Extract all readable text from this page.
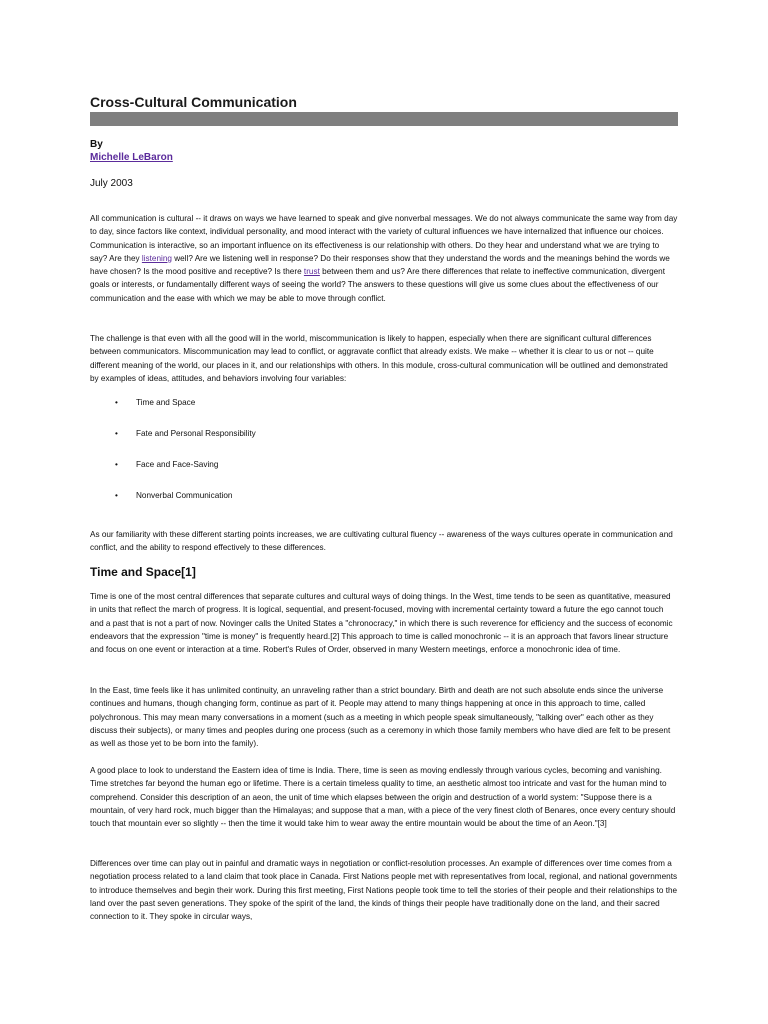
Cross-Cultural Communication

By

Michelle LeBaron

July 2003

All communication is cultural -- it draws on ways we have learned to speak and give nonverbal messages. We do not always communicate the same way from day to day, since factors like context, individual personality, and mood interact with the variety of cultural influences we have internalized that influence our choices. Communication is interactive, so an important influence on its effectiveness is our relationship with others. Do they hear and understand what we are trying to say? Are they listening well? Are we listening well in response? Do their responses show that they understand the words and the meanings behind the words we have chosen? Is the mood positive and receptive? Is there trust between them and us? Are there differences that relate to ineffective communication, divergent goals or interests, or fundamentally different ways of seeing the world? The answers to these questions will give us some clues about the effectiveness of our communication and the ease with which we may be able to move through conflict.

The challenge is that even with all the good will in the world, miscommunication is likely to happen, especially when there are significant cultural differences between communicators. Miscommunication may lead to conflict, or aggravate conflict that already exists. We make -- whether it is clear to us or not -- quite different meaning of the world, our places in it, and our relationships with others. In this module, cross-cultural communication will be outlined and demonstrated by examples of ideas, attitudes, and behaviors involving four variables:

• Time and Space
• Fate and Personal Responsibility
• Face and Face-Saving
• Nonverbal Communication

As our familiarity with these different starting points increases, we are cultivating cultural fluency -- awareness of the ways cultures operate in communication and conflict, and the ability to respond effectively to these differences.

Time and Space[1]

Time is one of the most central differences that separate cultures and cultural ways of doing things. In the West, time tends to be seen as quantitative, measured in units that reflect the march of progress. It is logical, sequential, and present-focused, moving with incremental certainty toward a future the ego cannot touch and a past that is not a part of now. Novinger calls the United States a "chronocracy," in which there is such reverence for efficiency and the success of economic endeavors that the expression "time is money" is frequently heard.[2] This approach to time is called monochronic -- it is an approach that favors linear structure and focus on one event or interaction at a time. Robert's Rules of Order, observed in many Western meetings, enforce a monochronic idea of time.

In the East, time feels like it has unlimited continuity, an unraveling rather than a strict boundary. Birth and death are not such absolute ends since the universe continues and humans, though changing form, continue as part of it. People may attend to many things happening at once in this approach to time, called polychronous. This may mean many conversations in a moment (such as a meeting in which people speak simultaneously, "talking over" each other as they discuss their subjects), or many times and peoples during one process (such as a ceremony in which those family members who have died are felt to be present as well as those yet to be born into the family).

A good place to look to understand the Eastern idea of time is India. There, time is seen as moving endlessly through various cycles, becoming and vanishing. Time stretches far beyond the human ego or lifetime. There is a certain timeless quality to time, an aesthetic almost too intricate and vast for the human mind to comprehend. Consider this description of an aeon, the unit of time which elapses between the origin and destruction of a world system: "Suppose there is a mountain, of very hard rock, much bigger than the Himalayas; and suppose that a man, with a piece of the very finest cloth of Benares, once every century should touch that mountain ever so slightly -- then the time it would take him to wear away the entire mountain would be about the time of an Aeon."[3]

Differences over time can play out in painful and dramatic ways in negotiation or conflict-resolution processes. An example of differences over time comes from a negotiation process related to a land claim that took place in Canada. First Nations people met with representatives from local, regional, and national governments to introduce themselves and begin their work. During this first meeting, First Nations people took time to tell the stories of their people and their relationships to the land over the past seven generations. They spoke of the spirit of the land, the kinds of things their people have traditionally done on the land, and their sacred connection to it. They spoke in circular ways,
